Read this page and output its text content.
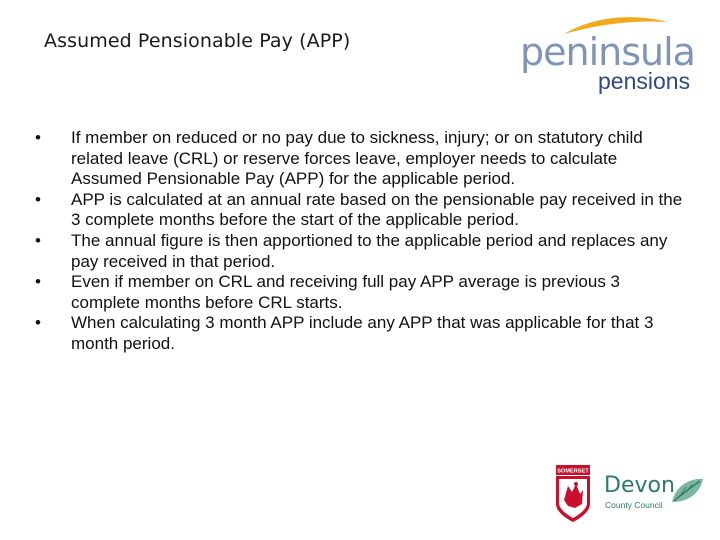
Assumed Pensionable Pay (APP)	peninsula
pensions
•	If member on reduced or no pay due to sickness, injury; or on statutory child related leave (CRL) or reserve forces leave, employer needs to calculate Assumed Pensionable Pay (APP) for the applicable period.
•	APP is calculated at an annual rate based on the pensionable pay received in the 3 complete months before the start of the applicable period.
•	The annual figure is then apportioned to the applicable period and replaces any pay received in that period.
•	Even if member on CRL and receiving full pay APP average is previous 3 complete months before CRL starts.
•	When calculating 3 month APP include any APP that was applicable for that 3 month period.
SOMERSET
Devon
County Council
